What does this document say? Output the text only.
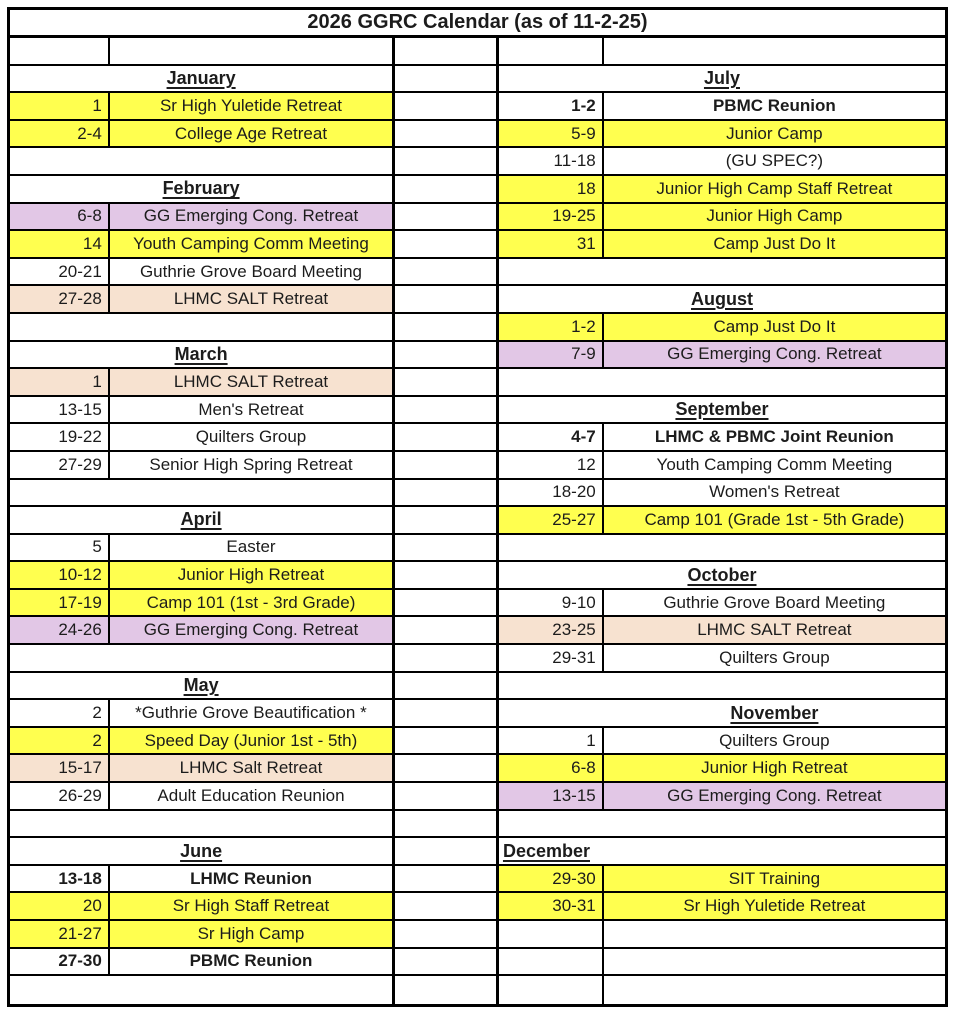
2026 GGRC Calendar (as of 11-2-25)
January	July
1	Sr High Yuletide Retreat	1-2	PBMC Reunion
2-4	College Age Retreat	5-9	Junior Camp
11-18	(GU SPEC?)
February	18	Junior High Camp Staff Retreat
6-8	GG Emerging Cong. Retreat	19-25	Junior High Camp
14	Youth Camping Comm Meeting	31	Camp Just Do It
20-21	Guthrie Grove Board Meeting
27-28	LHMC SALT Retreat	August
1-2	Camp Just Do It
March	7-9	GG Emerging Cong. Retreat
1	LHMC SALT Retreat
13-15	Men's Retreat	September
19-22	Quilters Group	4-7	LHMC & PBMC Joint Reunion
27-29	Senior High Spring Retreat	12	Youth Camping Comm Meeting
18-20	Women's Retreat
April	25-27	Camp 101 (Grade 1st - 5th Grade)
5	Easter
10-12	Junior High Retreat	October
17-19	Camp 101 (1st - 3rd Grade)	9-10	Guthrie Grove Board Meeting
24-26	GG Emerging Cong. Retreat	23-25	LHMC SALT Retreat
29-31	Quilters Group
May
2	*Guthrie Grove Beautification *	November
2	Speed Day (Junior 1st - 5th)	1	Quilters Group
15-17	LHMC Salt Retreat	6-8	Junior High Retreat
26-29	Adult Education Reunion	13-15	GG Emerging Cong. Retreat
June	December
13-18	LHMC Reunion	29-30	SIT Training
20	Sr High Staff Retreat	30-31	Sr High Yuletide Retreat
21-27	Sr High Camp
27-30	PBMC Reunion
